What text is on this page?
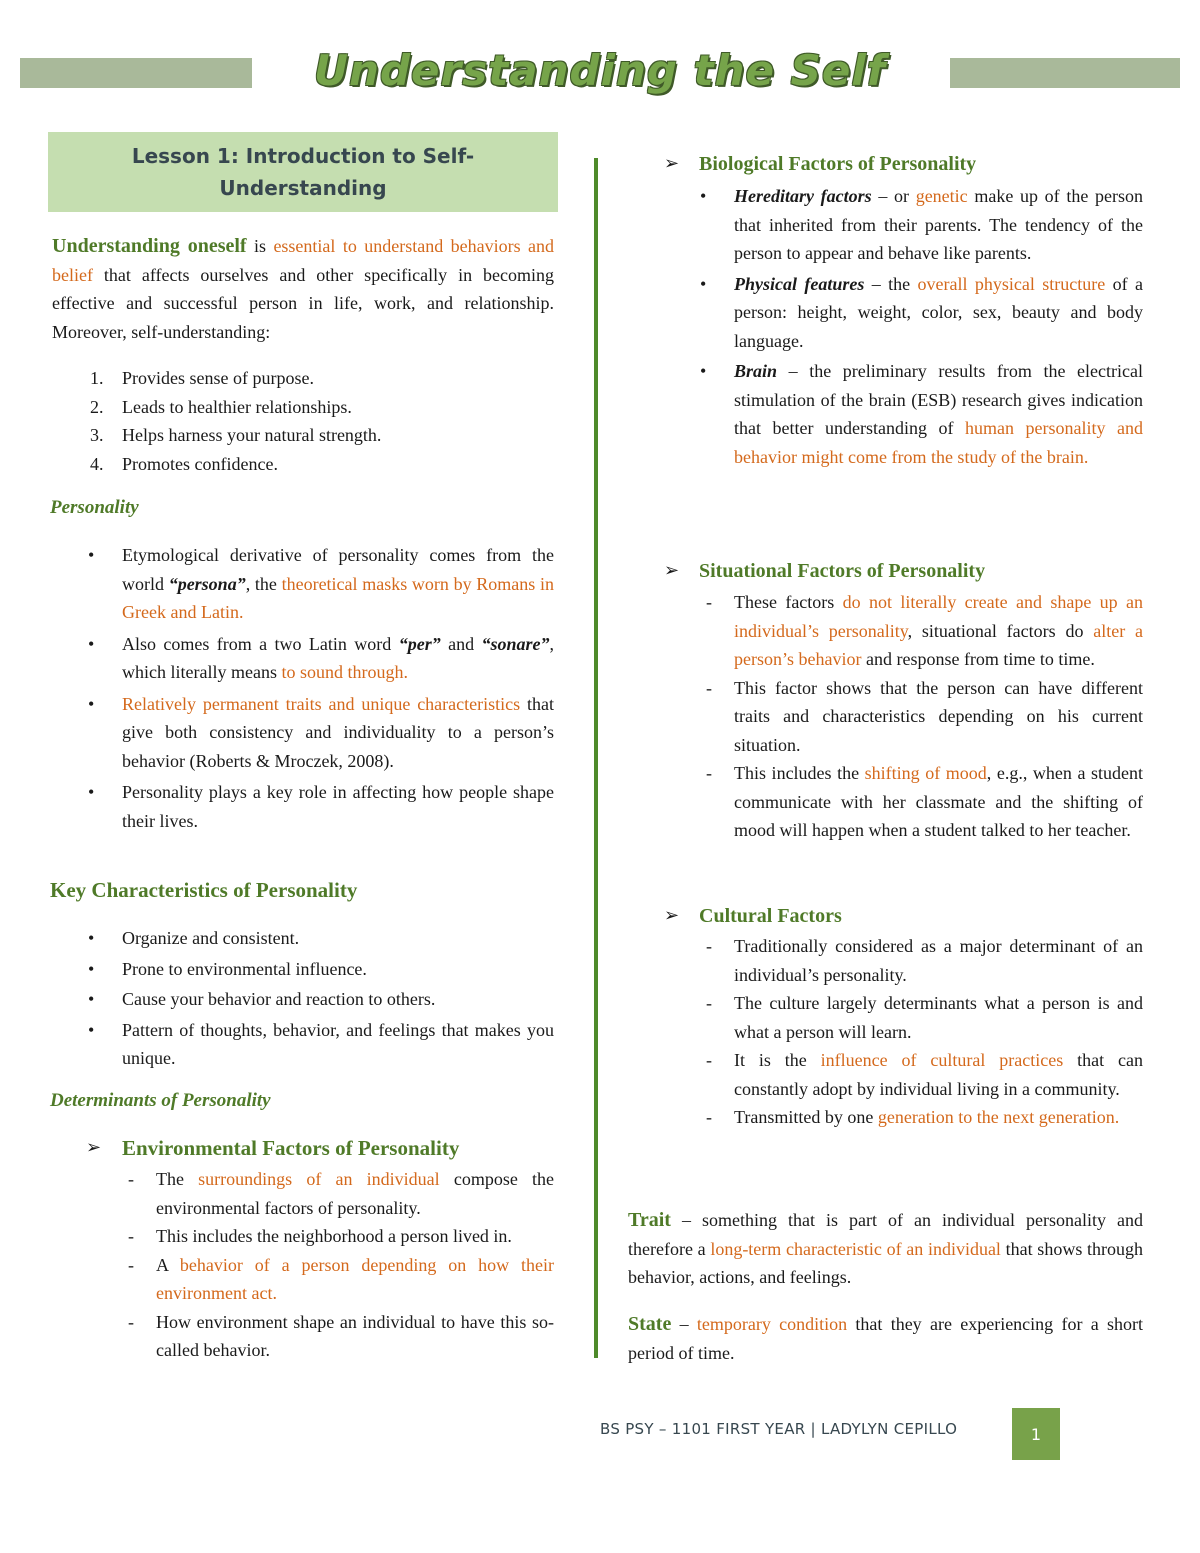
Understanding the Self
Lesson 1: Introduction to Self-Understanding
Understanding oneself is essential to understand behaviors and belief that affects ourselves and other specifically in becoming effective and successful person in life, work, and relationship. Moreover, self-understanding:
1. Provides sense of purpose.
2. Leads to healthier relationships.
3. Helps harness your natural strength.
4. Promotes confidence.
Personality
• Etymological derivative of personality comes from the world “persona”, the theoretical masks worn by Romans in Greek and Latin.
• Also comes from a two Latin word “per” and “sonare”, which literally means to sound through.
• Relatively permanent traits and unique characteristics that give both consistency and individuality to a person’s behavior (Roberts & Mroczek, 2008).
• Personality plays a key role in affecting how people shape their lives.
Key Characteristics of Personality
• Organize and consistent.
• Prone to environmental influence.
• Cause your behavior and reaction to others.
• Pattern of thoughts, behavior, and feelings that makes you unique.
Determinants of Personality
➢ Environmental Factors of Personality
- The surroundings of an individual compose the environmental factors of personality.
- This includes the neighborhood a person lived in.
- A behavior of a person depending on how their environment act.
- How environment shape an individual to have this so-called behavior.
➢ Biological Factors of Personality
• Hereditary factors – or genetic make up of the person that inherited from their parents. The tendency of the person to appear and behave like parents.
• Physical features – the overall physical structure of a person: height, weight, color, sex, beauty and body language.
• Brain – the preliminary results from the electrical stimulation of the brain (ESB) research gives indication that better understanding of human personality and behavior might come from the study of the brain.
➢ Situational Factors of Personality
- These factors do not literally create and shape up an individual’s personality, situational factors do alter a person’s behavior and response from time to time.
- This factor shows that the person can have different traits and characteristics depending on his current situation.
- This includes the shifting of mood, e.g., when a student communicate with her classmate and the shifting of mood will happen when a student talked to her teacher.
➢ Cultural Factors
- Traditionally considered as a major determinant of an individual’s personality.
- The culture largely determinants what a person is and what a person will learn.
- It is the influence of cultural practices that can constantly adopt by individual living in a community.
- Transmitted by one generation to the next generation.
Trait – something that is part of an individual personality and therefore a long-term characteristic of an individual that shows through behavior, actions, and feelings.
State – temporary condition that they are experiencing for a short period of time.
BS PSY – 1101 FIRST YEAR | LADYLYN CEPILLO	1
